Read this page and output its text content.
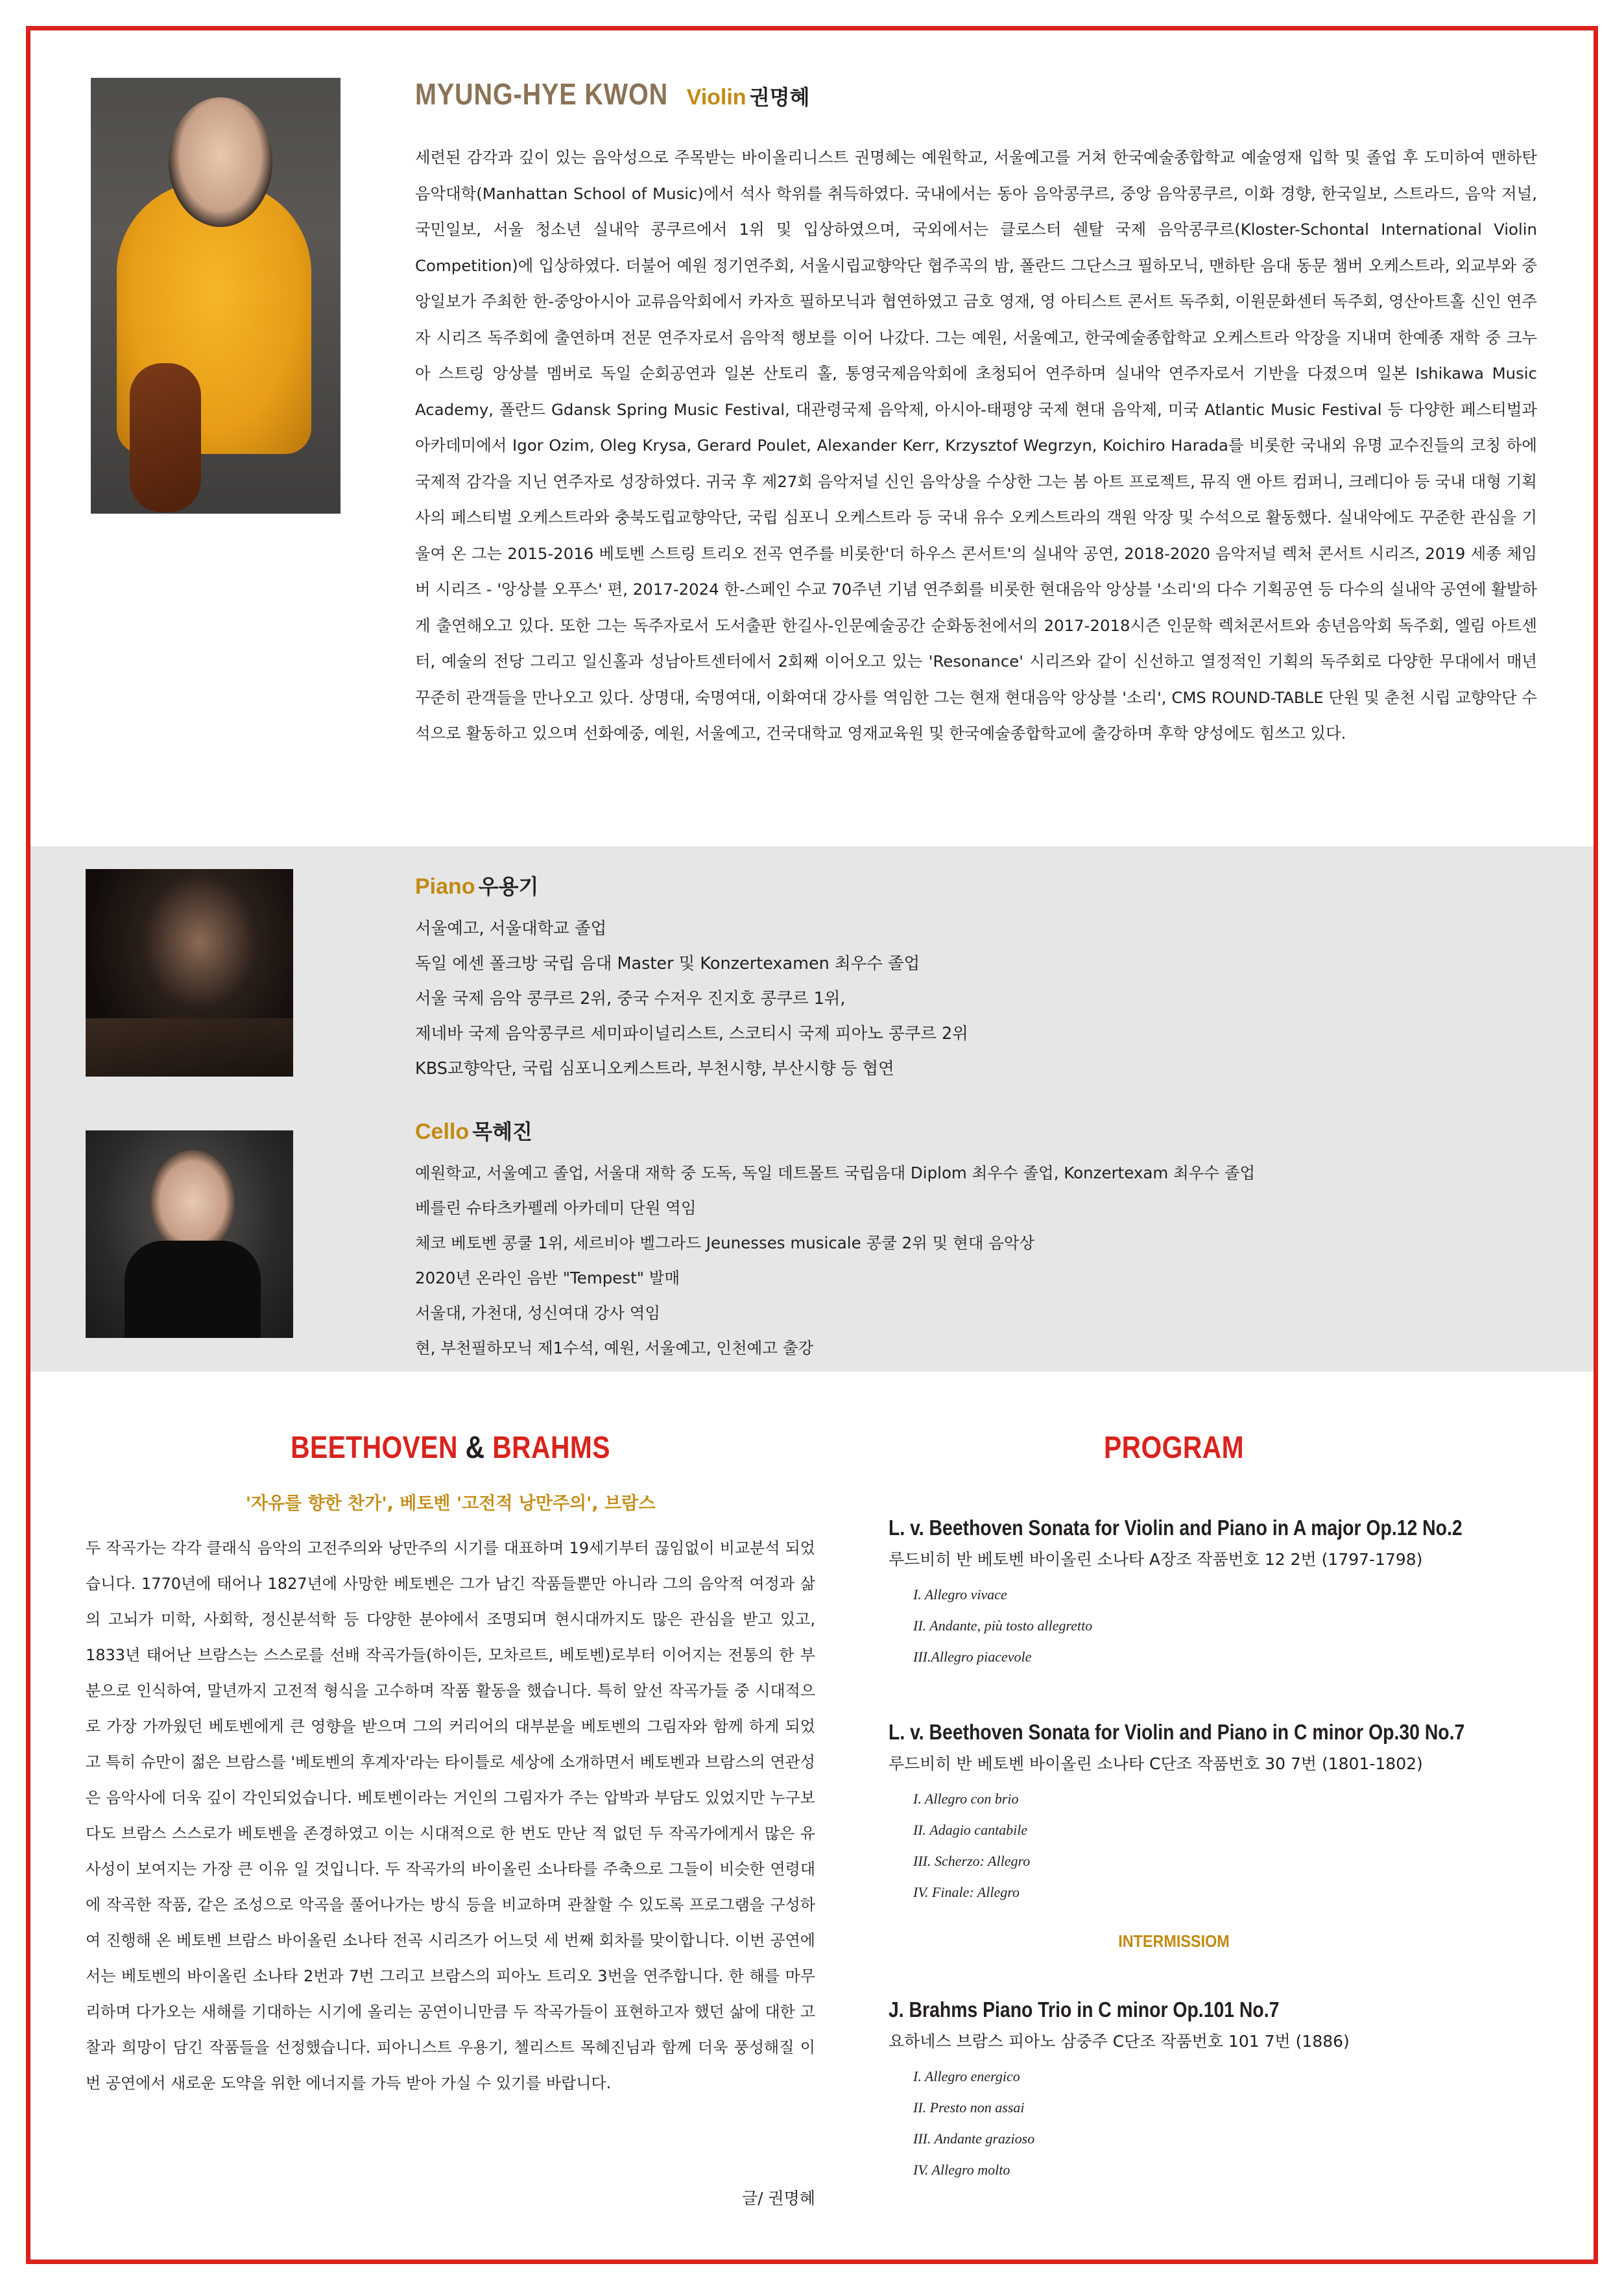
MYUNG-HYE KWON Violin 권명혜

세련된 감각과 깊이 있는 음악성으로 주목받는 바이올리니스트 권명혜는 예원학교, 서울예고를 거쳐 한국예술종합학교 예술영재 입학 및 졸업 후 도미하여 맨하탄 음악대학(Manhattan School of Music)에서 석사 학위를 취득하였다. 국내에서는 동아 음악콩쿠르, 중앙 음악콩쿠르, 이화 경향, 한국일보, 스트라드, 음악 저널, 국민일보, 서울 청소년 실내악 콩쿠르에서 1위 및 입상하였으며, 국외에서는 클로스터 쉔탈 국제 음악콩쿠르(Kloster-Schontal International Violin Competition)에 입상하였다. 더불어 예원 정기연주회, 서울시립교향악단 협주곡의 밤, 폴란드 그단스크 필하모닉, 맨하탄 음대 동문 챔버 오케스트라, 외교부와 중앙일보가 주최한 한-중앙아시아 교류음악회에서 카자흐 필하모닉과 협연하였고 금호 영재, 영 아티스트 콘서트 독주회, 이원문화센터 독주회, 영산아트홀 신인 연주자 시리즈 독주회에 출연하며 전문 연주자로서 음악적 행보를 이어 나갔다. 그는 예원, 서울예고, 한국예술종합학교 오케스트라 악장을 지내며 한예종 재학 중 크누아 스트링 앙상블 멤버로 독일 순회공연과 일본 산토리 홀, 통영국제음악회에 초청되어 연주하며 실내악 연주자로서 기반을 다졌으며 일본 Ishikawa Music Academy, 폴란드 Gdansk Spring Music Festival, 대관령국제 음악제, 아시아-태평양 국제 현대 음악제, 미국 Atlantic Music Festival 등 다양한 페스티벌과 아카데미에서 Igor Ozim, Oleg Krysa, Gerard Poulet, Alexander Kerr, Krzysztof Wegrzyn, Koichiro Harada를 비롯한 국내외 유명 교수진들의 코칭 하에 국제적 감각을 지닌 연주자로 성장하였다. 귀국 후 제27회 음악저널 신인 음악상을 수상한 그는 봄 아트 프로젝트, 뮤직 앤 아트 컴퍼니, 크레디아 등 국내 대형 기획사의 페스티벌 오케스트라와 충북도립교향악단, 국립 심포니 오케스트라 등 국내 유수 오케스트라의 객원 악장 및 수석으로 활동했다. 실내악에도 꾸준한 관심을 기울여 온 그는 2015-2016 베토벤 스트링 트리오 전곡 연주를 비롯한'더 하우스 콘서트'의 실내악 공연, 2018-2020 음악저널 렉처 콘서트 시리즈, 2019 세종 체임버 시리즈 - '앙상블 오푸스' 편, 2017-2024 한-스페인 수교 70주년 기념 연주회를 비롯한 현대음악 앙상블 '소리'의 다수 기획공연 등 다수의 실내악 공연에 활발하게 출연해오고 있다. 또한 그는 독주자로서 도서출판 한길사-인문예술공간 순화동천에서의 2017-2018시즌 인문학 렉처콘서트와 송년음악회 독주회, 엘림 아트센터, 예술의 전당 그리고 일신홀과 성남아트센터에서 2회째 이어오고 있는 'Resonance' 시리즈와 같이 신선하고 열정적인 기획의 독주회로 다양한 무대에서 매년 꾸준히 관객들을 만나오고 있다. 상명대, 숙명여대, 이화여대 강사를 역임한 그는 현재 현대음악 앙상블 '소리', CMS ROUND-TABLE 단원 및 춘천 시립 교향악단 수석으로 활동하고 있으며 선화예중, 예원, 서울예고, 건국대학교 영재교육원 및 한국예술종합학교에 출강하며 후학 양성에도 힘쓰고 있다.

Piano 우용기
서울예고, 서울대학교 졸업
독일 에센 폴크방 국립 음대 Master 및 Konzertexamen 최우수 졸업
서울 국제 음악 콩쿠르 2위, 중국 수저우 진지호 콩쿠르 1위,
제네바 국제 음악콩쿠르 세미파이널리스트, 스코티시 국제 피아노 콩쿠르 2위
KBS교향악단, 국립 심포니오케스트라, 부천시향, 부산시향 등 협연
Cello 목혜진
예원학교, 서울예고 졸업, 서울대 재학 중 도독, 독일 데트몰트 국립음대 Diplom 최우수 졸업, Konzertexam 최우수 졸업
베를린 슈타츠카펠레 아카데미 단원 역임
체코 베토벤 콩쿨 1위, 세르비아 벨그라드 Jeunesses musicale 콩쿨 2위 및 현대 음악상
2020년 온라인 음반 "Tempest" 발매
서울대, 가천대, 성신여대 강사 역임
현, 부천필하모닉 제1수석, 예원, 서울예고, 인천예고 출강
BEETHOVEN & BRAHMS
'자유를 향한 찬가', 베토벤 '고전적 낭만주의', 브람스

두 작곡가는 각각 클래식 음악의 고전주의와 낭만주의 시기를 대표하며 19세기부터 끊임없이 비교분석 되었습니다. 1770년에 태어나 1827년에 사망한 베토벤은 그가 남긴 작품들뿐만 아니라 그의 음악적 여정과 삶의 고뇌가 미학, 사회학, 정신분석학 등 다양한 분야에서 조명되며 현시대까지도 많은 관심을 받고 있고, 1833년 태어난 브람스는 스스로를 선배 작곡가들(하이든, 모차르트, 베토벤)로부터 이어지는 전통의 한 부분으로 인식하여, 말년까지 고전적 형식을 고수하며 작품 활동을 했습니다. 특히 앞선 작곡가들 중 시대적으로 가장 가까웠던 베토벤에게 큰 영향을 받으며 그의 커리어의 대부분을 베토벤의 그림자와 함께 하게 되었고 특히 슈만이 젊은 브람스를 '베토벤의 후계자'라는 타이틀로 세상에 소개하면서 베토벤과 브람스의 연관성은 음악사에 더욱 깊이 각인되었습니다. 베토벤이라는 거인의 그림자가 주는 압박과 부담도 있었지만 누구보다도 브람스 스스로가 베토벤을 존경하였고 이는 시대적으로 한 번도 만난 적 없던 두 작곡가에게서 많은 유사성이 보여지는 가장 큰 이유 일 것입니다. 두 작곡가의 바이올린 소나타를 주축으로 그들이 비슷한 연령대에 작곡한 작품, 같은 조성으로 악곡을 풀어나가는 방식 등을 비교하며 관찰할 수 있도록 프로그램을 구성하여 진행해 온 베토벤 브람스 바이올린 소나타 전곡 시리즈가 어느덧 세 번째 회차를 맞이합니다. 이번 공연에서는 베토벤의 바이올린 소나타 2번과 7번 그리고 브람스의 피아노 트리오 3번을 연주합니다. 한 해를 마무리하며 다가오는 새해를 기대하는 시기에 올리는 공연이니만큼 두 작곡가들이 표현하고자 했던 삶에 대한 고찰과 희망이 담긴 작품들을 선정했습니다. 피아니스트 우용기, 첼리스트 목혜진님과 함께 더욱 풍성해질 이번 공연에서 새로운 도약을 위한 에너지를 가득 받아 가실 수 있기를 바랍니다.

글/ 권명혜
PROGRAM
L. v. Beethoven Sonata for Violin and Piano in A major Op.12 No.2
루드비히 반 베토벤 바이올린 소나타 A장조 작품번호 12 2번 (1797-1798)
I. Allegro vivace
II. Andante, più tosto allegretto
III.Allegro piacevole
L. v. Beethoven Sonata for Violin and Piano in C minor Op.30 No.7
루드비히 반 베토벤 바이올린 소나타 C단조 작품번호 30 7번 (1801-1802)
I. Allegro con brio
II. Adagio cantabile
III. Scherzo: Allegro
IV. Finale: Allegro
INTERMISSIOM
J. Brahms Piano Trio in C minor Op.101 No.7
요하네스 브람스 피아노 삼중주 C단조 작품번호 101 7번 (1886)
I. Allegro energico
II. Presto non assai
III. Andante grazioso
IV. Allegro molto
